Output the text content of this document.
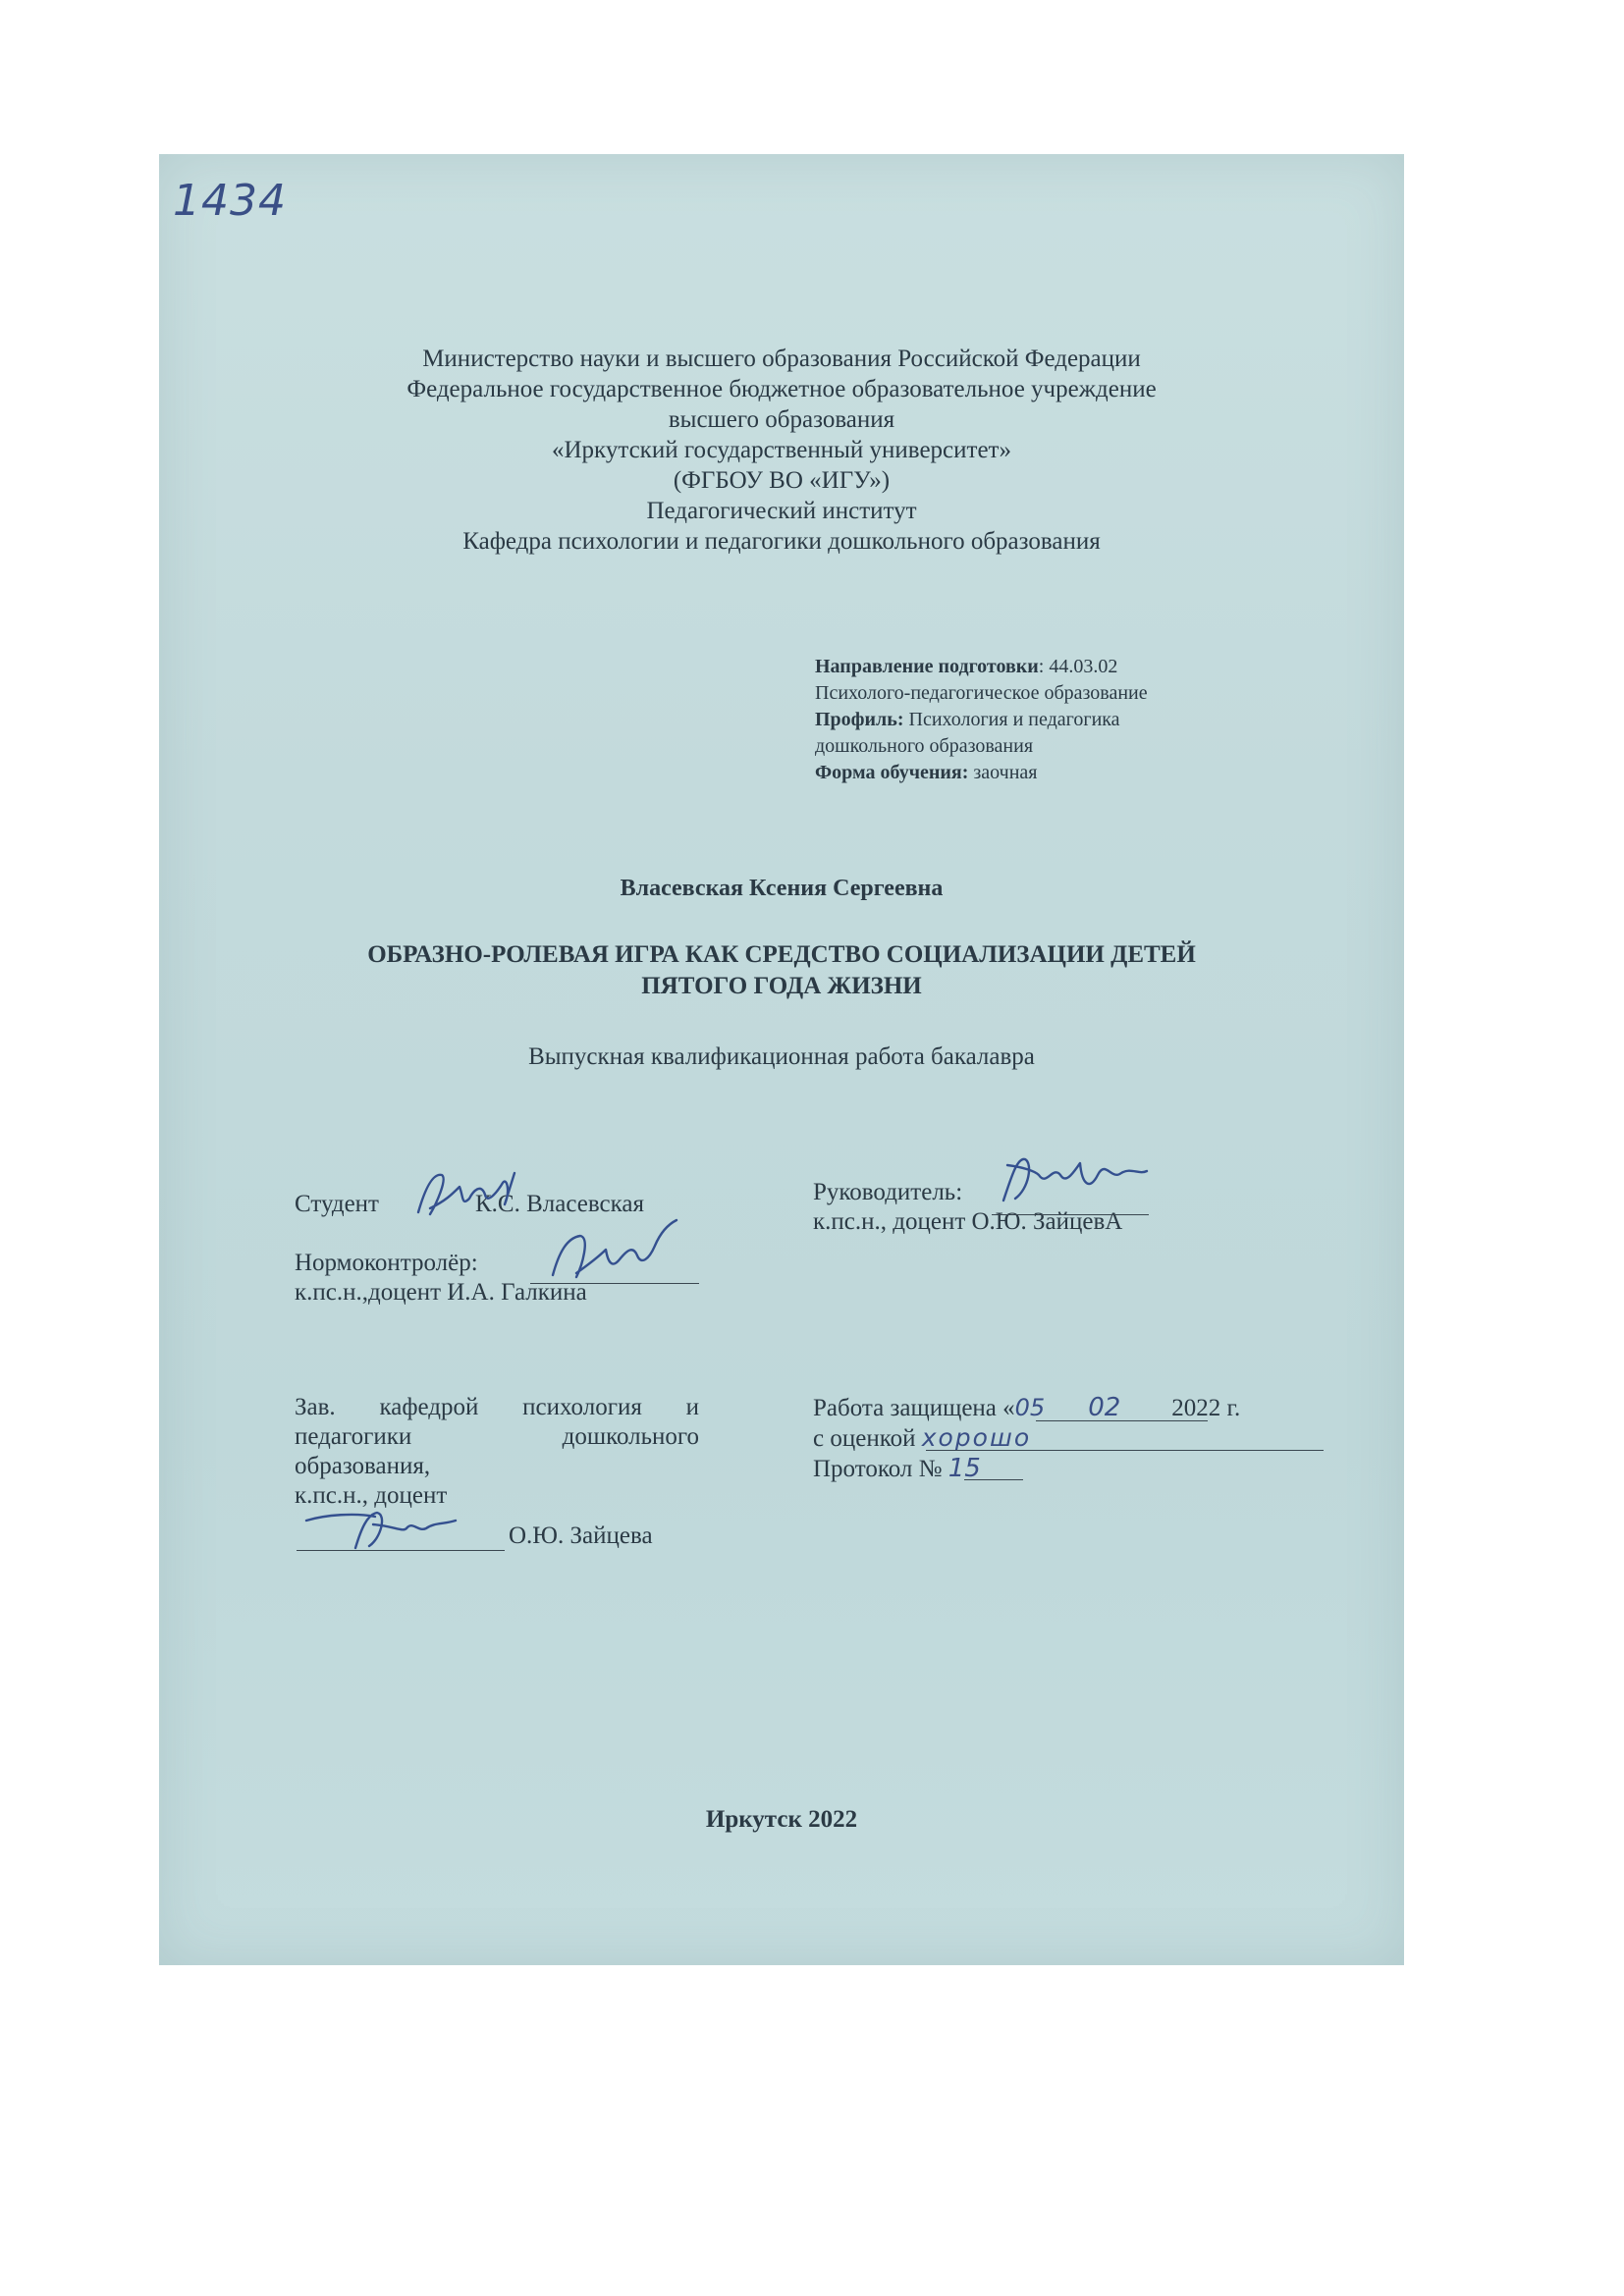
1434
Министерство науки и высшего образования Российской Федерации
Федеральное государственное бюджетное образовательное учреждение
высшего образования
«Иркутский государственный университет»
(ФГБОУ ВО «ИГУ»)
Педагогический институт
Кафедра психологии и педагогики дошкольного образования
Направление подготовки: 44.03.02
Психолого-педагогическое образование
Профиль: Психология и педагогика
дошкольного образования
Форма обучения: заочная
Власевская Ксения Сергеевна
ОБРАЗНО-РОЛЕВАЯ ИГРА КАК СРЕДСТВО СОЦИАЛИЗАЦИИ ДЕТЕЙ
ПЯТОГО ГОДА ЖИЗНИ
Выпускная квалификационная работа бакалавра
Студент	К.С. Власевская	Руководитель:
к.пс.н., доцент О.Ю. ЗайцевА
Нормоконтролёр:
к.пс.н.,доцент И.А. Галкина
Зав. кафедрой психология и
педагогики дошкольного
образования,
к.пс.н., доцент
О.Ю. Зайцева
Работа защищена «05 02 2022 г.
с оценкой хорошо
Протокол № 15
Иркутск 2022
